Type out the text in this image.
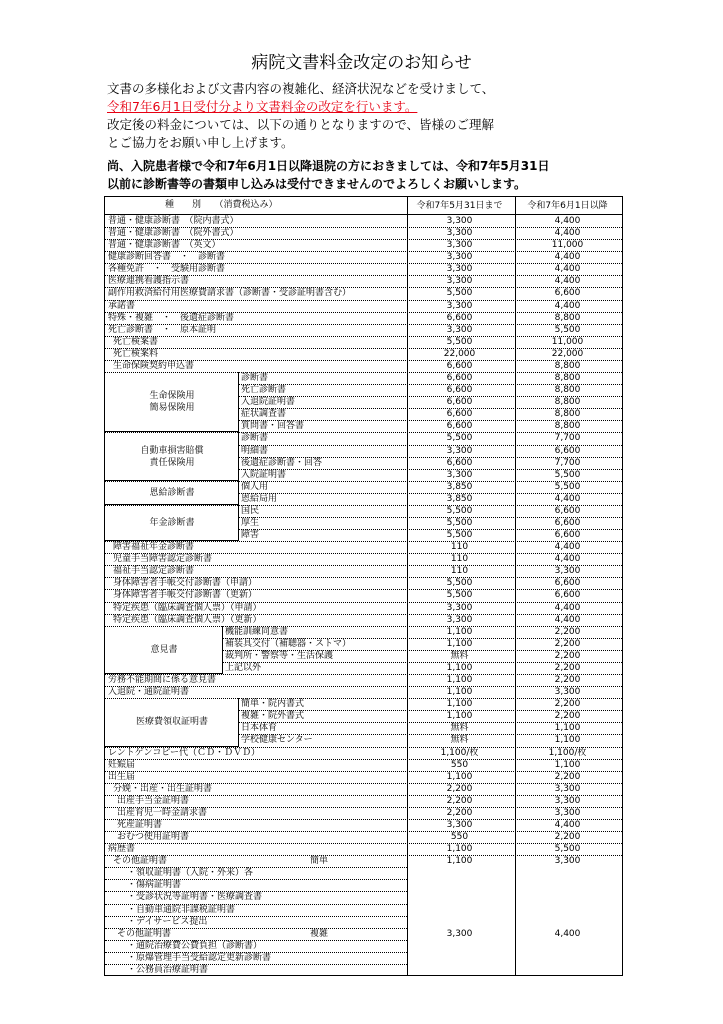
病院文書料金改定のお知らせ
文書の多様化および文書内容の複雑化、経済状況などを受けまして、
令和7年6月1日受付分より文書料金の改定を行います。
改定後の料金については、以下の通りとなりますので、皆様のご理解
とご協力をお願い申し上げます。
尚、入院患者様で令和7年6月1日以降退院の方におきましては、令和7年5月31日
以前に診断書等の書類申し込みは受付できませんのでよろしくお願いします。
種　　別　　（消費税込み）	令和7年5月31日まで	令和7年6月1日以降
普通・健康診断書　（院内書式）	3,300	4,400
普通・健康診断書　（院外書式）	3,300	4,400
普通・健康診断書　（英文）	3,300	11,000
健康診断回答書　・　診断書	3,300	4,400
各種免許　・　受験用診断書	3,300	4,400
医療連携看護指示書	3,300	4,400
副作用救済給付用医療費請求書（診断書・受診証明書含む）	5,500	6,600
承諾書	3,300	4,400
特殊・複雑　・　後遺症診断書	6,600	8,800
死亡診断書　・　原本証明	3,300	5,500
死亡検案書	5,500	11,000
死亡検案料	22,000	22,000
生命保険契約申込書	6,600	8,800
生命保険用
簡易保険用
診断書	6,600	8,800
死亡診断書	6,600	8,800
入退院証明書	6,600	8,800
症状調査書	6,600	8,800
質問書・回答書	6,600	8,800
自動車損害賠償
責任保険用
診断書	5,500	7,700
明細書	3,300	6,600
後遺症診断書・回答	6,600	7,700
入院証明書	3,300	5,500
恩給診断書
個人用	3,850	5,500
恩給局用	3,850	4,400
年金診断書
国民	5,500	6,600
厚生	5,500	6,600
障害	5,500	6,600
障害福祉年金診断書	110	4,400
児童手当障害認定診断書	110	4,400
福祉手当認定診断書	110	3,300
身体障害者手帳交付診断書（申請）	5,500	6,600
身体障害者手帳交付診断書（更新）	5,500	6,600
特定疾患（臨床調査個人票）（申請）	3,300	4,400
特定疾患（臨床調査個人票）（更新）	3,300	4,400
意見書
機能訓練同意書	1,100	2,200
補装具交付（補聴器・ストマ）	1,100	2,200
裁判所・警察等・生活保護	無料	2,200
上記以外	1,100	2,200
労務不能期間に係る意見書	1,100	2,200
入退院・通院証明書	1,100	3,300
医療費領収証明書
簡単・院内書式	1,100	2,200
複雑・院外書式	1,100	2,200
日本体育	無料	1,100
学校健康センター	無料	1,100
レントゲンコピー代（ＣＤ・ＤＶＤ）	1,100/枚	1,100/枚
妊娠届	550	1,100
出生届	1,100	2,200
分娩・出産・出生証明書	2,200	3,300
出産手当金証明書	2,200	3,300
出産育児一時金請求書	2,200	3,300
死産証明書	3,300	4,400
おむつ使用証明書	550	2,200
病歴書	1,100	5,500
その他証明書	簡単	1,100	3,300
・領収証明書（入院・外来）各
・傷病証明書
・受診状況等証明書・医療調査書
・自動車通院非課税証明書
・デイサービス提出
その他証明書	複雑	3,300	4,400
・通院治療費公費負担（診断書）
・原爆管理手当受給認定更新診断書
・公務員治療証明書
